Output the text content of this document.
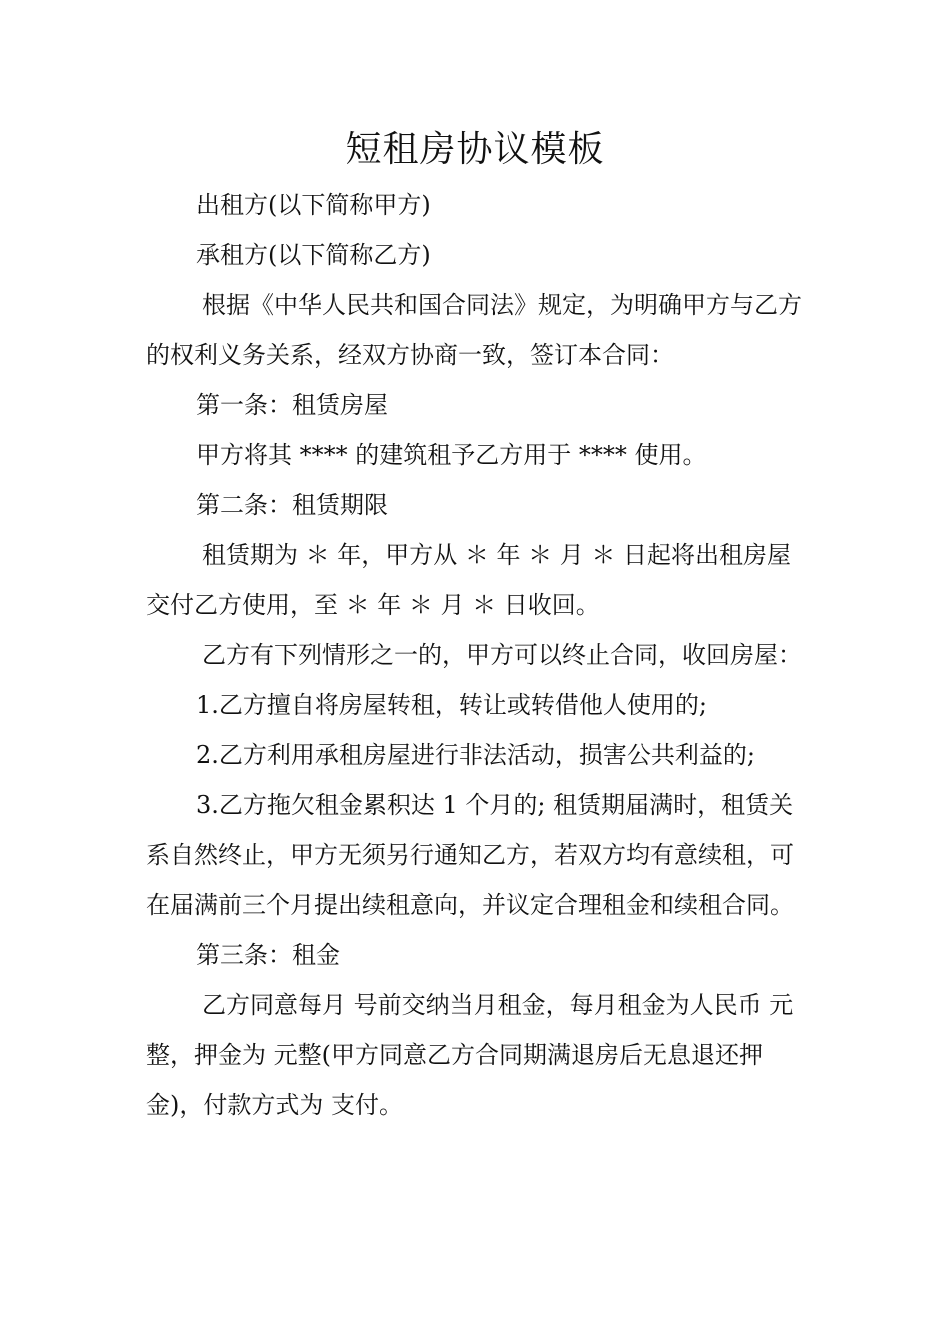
短租房协议模板

出租方(以下简称甲方)

承租方(以下简称乙方)

根据《中华人民共和国合同法》规定，为明确甲方与乙方的权利义务关系，经双方协商一致，签订本合同：

第一条：租赁房屋

甲方将其 **** 的建筑租予乙方用于 **** 使用。

第二条：租赁期限

租赁期为 ＊ 年，甲方从 ＊ 年 ＊ 月 ＊ 日起将出租房屋交付乙方使用，至 ＊ 年 ＊ 月 ＊ 日收回。

乙方有下列情形之一的，甲方可以终止合同，收回房屋：

1.乙方擅自将房屋转租，转让或转借他人使用的;

2.乙方利用承租房屋进行非法活动，损害公共利益的;

3.乙方拖欠租金累积达 1 个月的; 租赁期届满时，租赁关系自然终止，甲方无须另行通知乙方，若双方均有意续租，可在届满前三个月提出续租意向，并议定合理租金和续租合同。

第三条：租金

乙方同意每月 号前交纳当月租金，每月租金为人民币 元整，押金为 元整(甲方同意乙方合同期满退房后无息退还押金)，付款方式为 支付。
